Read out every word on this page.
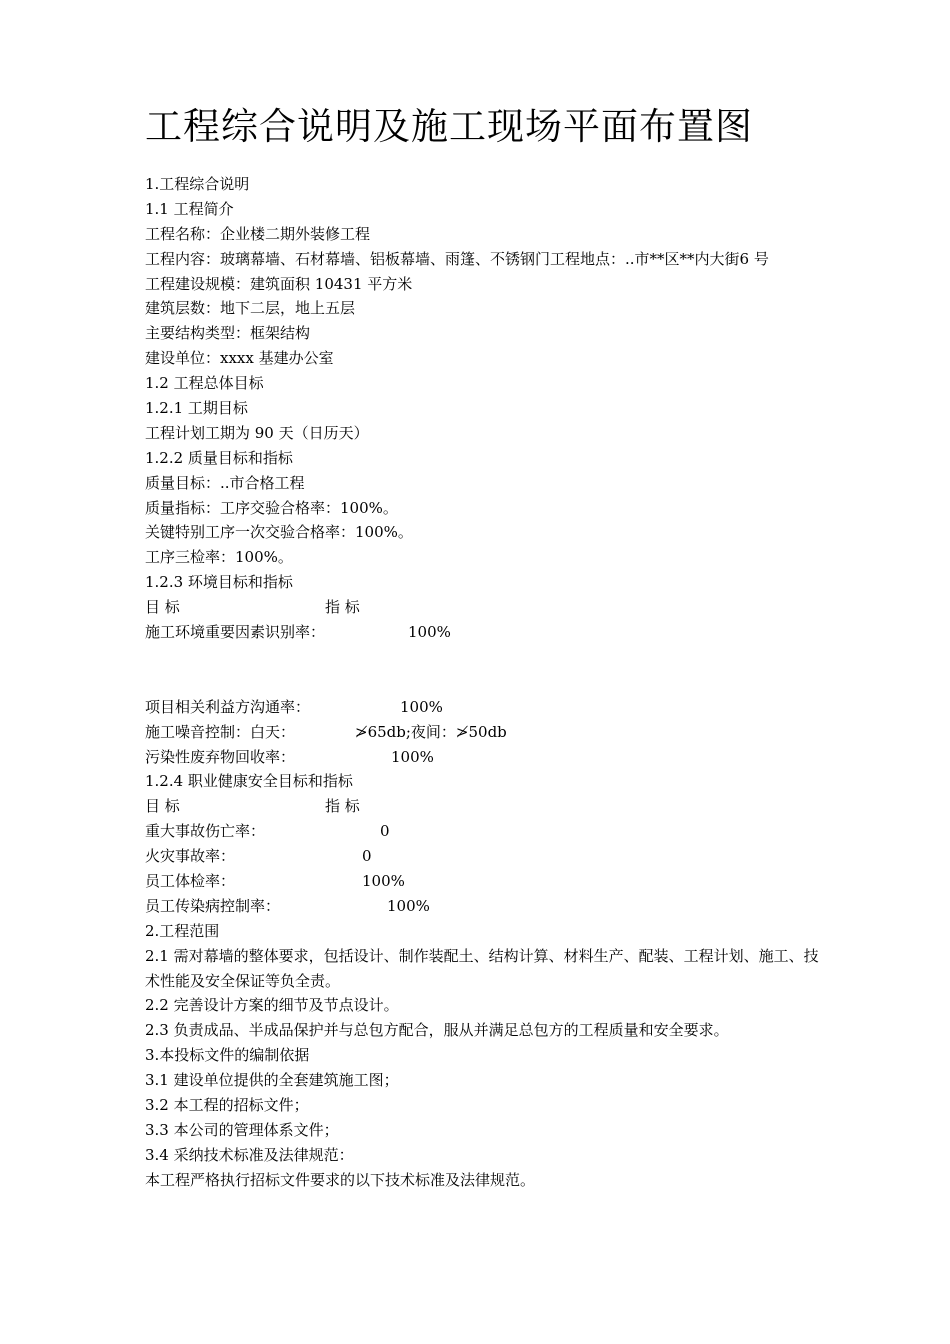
工程综合说明及施工现场平面布置图
1.工程综合说明
1.1 工程简介
工程名称：企业楼二期外装修工程
工程内容：玻璃幕墙、石材幕墙、铝板幕墙、雨篷、不锈钢门工程地点：..市**区**内大街6 号
工程建设规模：建筑面积 10431 平方米
建筑层数：地下二层，地上五层
主要结构类型：框架结构
建设单位：xxxx 基建办公室
1.2 工程总体目标
1.2.1 工期目标
工程计划工期为 90 天（日历天）
1.2.2 质量目标和指标
质量目标：..市合格工程
质量指标：工序交验合格率：100%。
关键特别工序一次交验合格率：100%。
工序三检率：100%。
1.2.3 环境目标和指标
目 标	指 标
施工环境重要因素识别率：	100%
项目相关利益方沟通率：	100%
施工噪音控制：白天：	≯65db;夜间：≯50db
污染性废弃物回收率：	100%
1.2.4 职业健康安全目标和指标
目 标	指 标
重大事故伤亡率：	0
火灾事故率：	0
员工体检率：	100%
员工传染病控制率：	100%
2.工程范围
2.1 需对幕墙的整体要求，包括设计、制作装配土、结构计算、材料生产、配装、工程计划、施工、技术性能及安全保证等负全责。
2.2 完善设计方案的细节及节点设计。
2.3 负责成品、半成品保护并与总包方配合，服从并满足总包方的工程质量和安全要求。
3.本投标文件的编制依据
3.1 建设单位提供的全套建筑施工图；
3.2 本工程的招标文件；
3.3 本公司的管理体系文件；
3.4 采纳技术标准及法律规范：
本工程严格执行招标文件要求的以下技术标准及法律规范。
